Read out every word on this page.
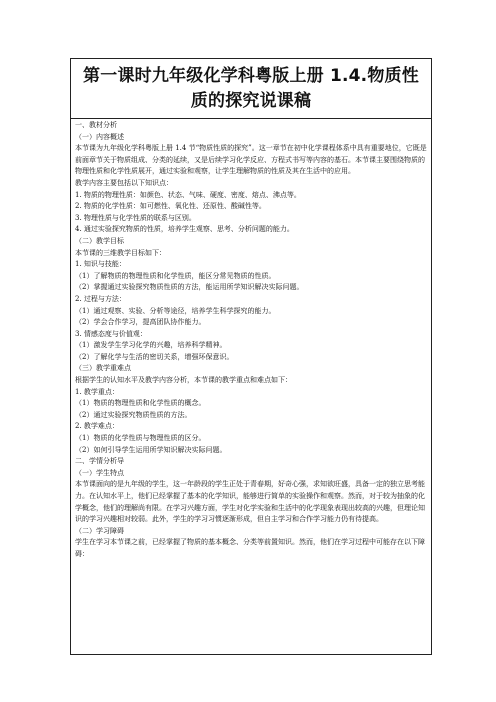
第一课时九年级化学科粤版上册 1.4.物质性质的探究说课稿

一、教材分析

（一）内容概述

本节课为九年级化学科粤版上册 1.4 节“物质性质的探究”。这一章节在初中化学课程体系中具有重要地位，它既是前面章节关于物质组成、分类的延续，又是后续学习化学反应、方程式书写等内容的基石。本节课主要围绕物质的物理性质和化学性质展开，通过实验和观察，让学生理解物质的性质及其在生活中的应用。

教学内容主要包括以下知识点：

1. 物质的物理性质：如颜色、状态、气味、硬度、密度、熔点、沸点等。

2. 物质的化学性质：如可燃性、氧化性、还原性、酸碱性等。

3. 物理性质与化学性质的联系与区别。

4. 通过实验探究物质的性质，培养学生观察、思考、分析问题的能力。

（二）教学目标

本节课的三维教学目标如下：

1. 知识与技能：

（1）了解物质的物理性质和化学性质，能区分常见物质的性质。

（2）掌握通过实验探究物质性质的方法，能运用所学知识解决实际问题。

2. 过程与方法：

（1）通过观察、实验、分析等途径，培养学生科学探究的能力。

（2）学会合作学习，提高团队协作能力。

3. 情感态度与价值观：

（1）激发学生学习化学的兴趣，培养科学精神。

（2）了解化学与生活的密切关系，增强环保意识。

（三）教学重难点

根据学生的认知水平及教学内容分析，本节课的教学重点和难点如下：

1. 教学重点：

（1）物质的物理性质和化学性质的概念。

（2）通过实验探究物质性质的方法。

2. 教学难点：

（1）物质的化学性质与物理性质的区分。

（2）如何引导学生运用所学知识解决实际问题。

二、学情分析导

（一）学生特点

本节课面向的是九年级的学生，这一年龄段的学生正处于青春期，好奇心强，求知欲旺盛，具备一定的独立思考能力。在认知水平上，他们已经掌握了基本的化学知识，能够进行简单的实验操作和观察。然而，对于较为抽象的化学概念，他们的理解尚有限。在学习兴趣方面，学生对化学实验和生活中的化学现象表现出较高的兴趣，但理论知识的学习兴趣相对较弱。此外，学生的学习习惯逐渐形成，但自主学习和合作学习能力仍有待提高。

（二）学习障碍

学生在学习本节课之前，已经掌握了物质的基本概念、分类等前置知识。然而，他们在学习过程中可能存在以下障碍：
